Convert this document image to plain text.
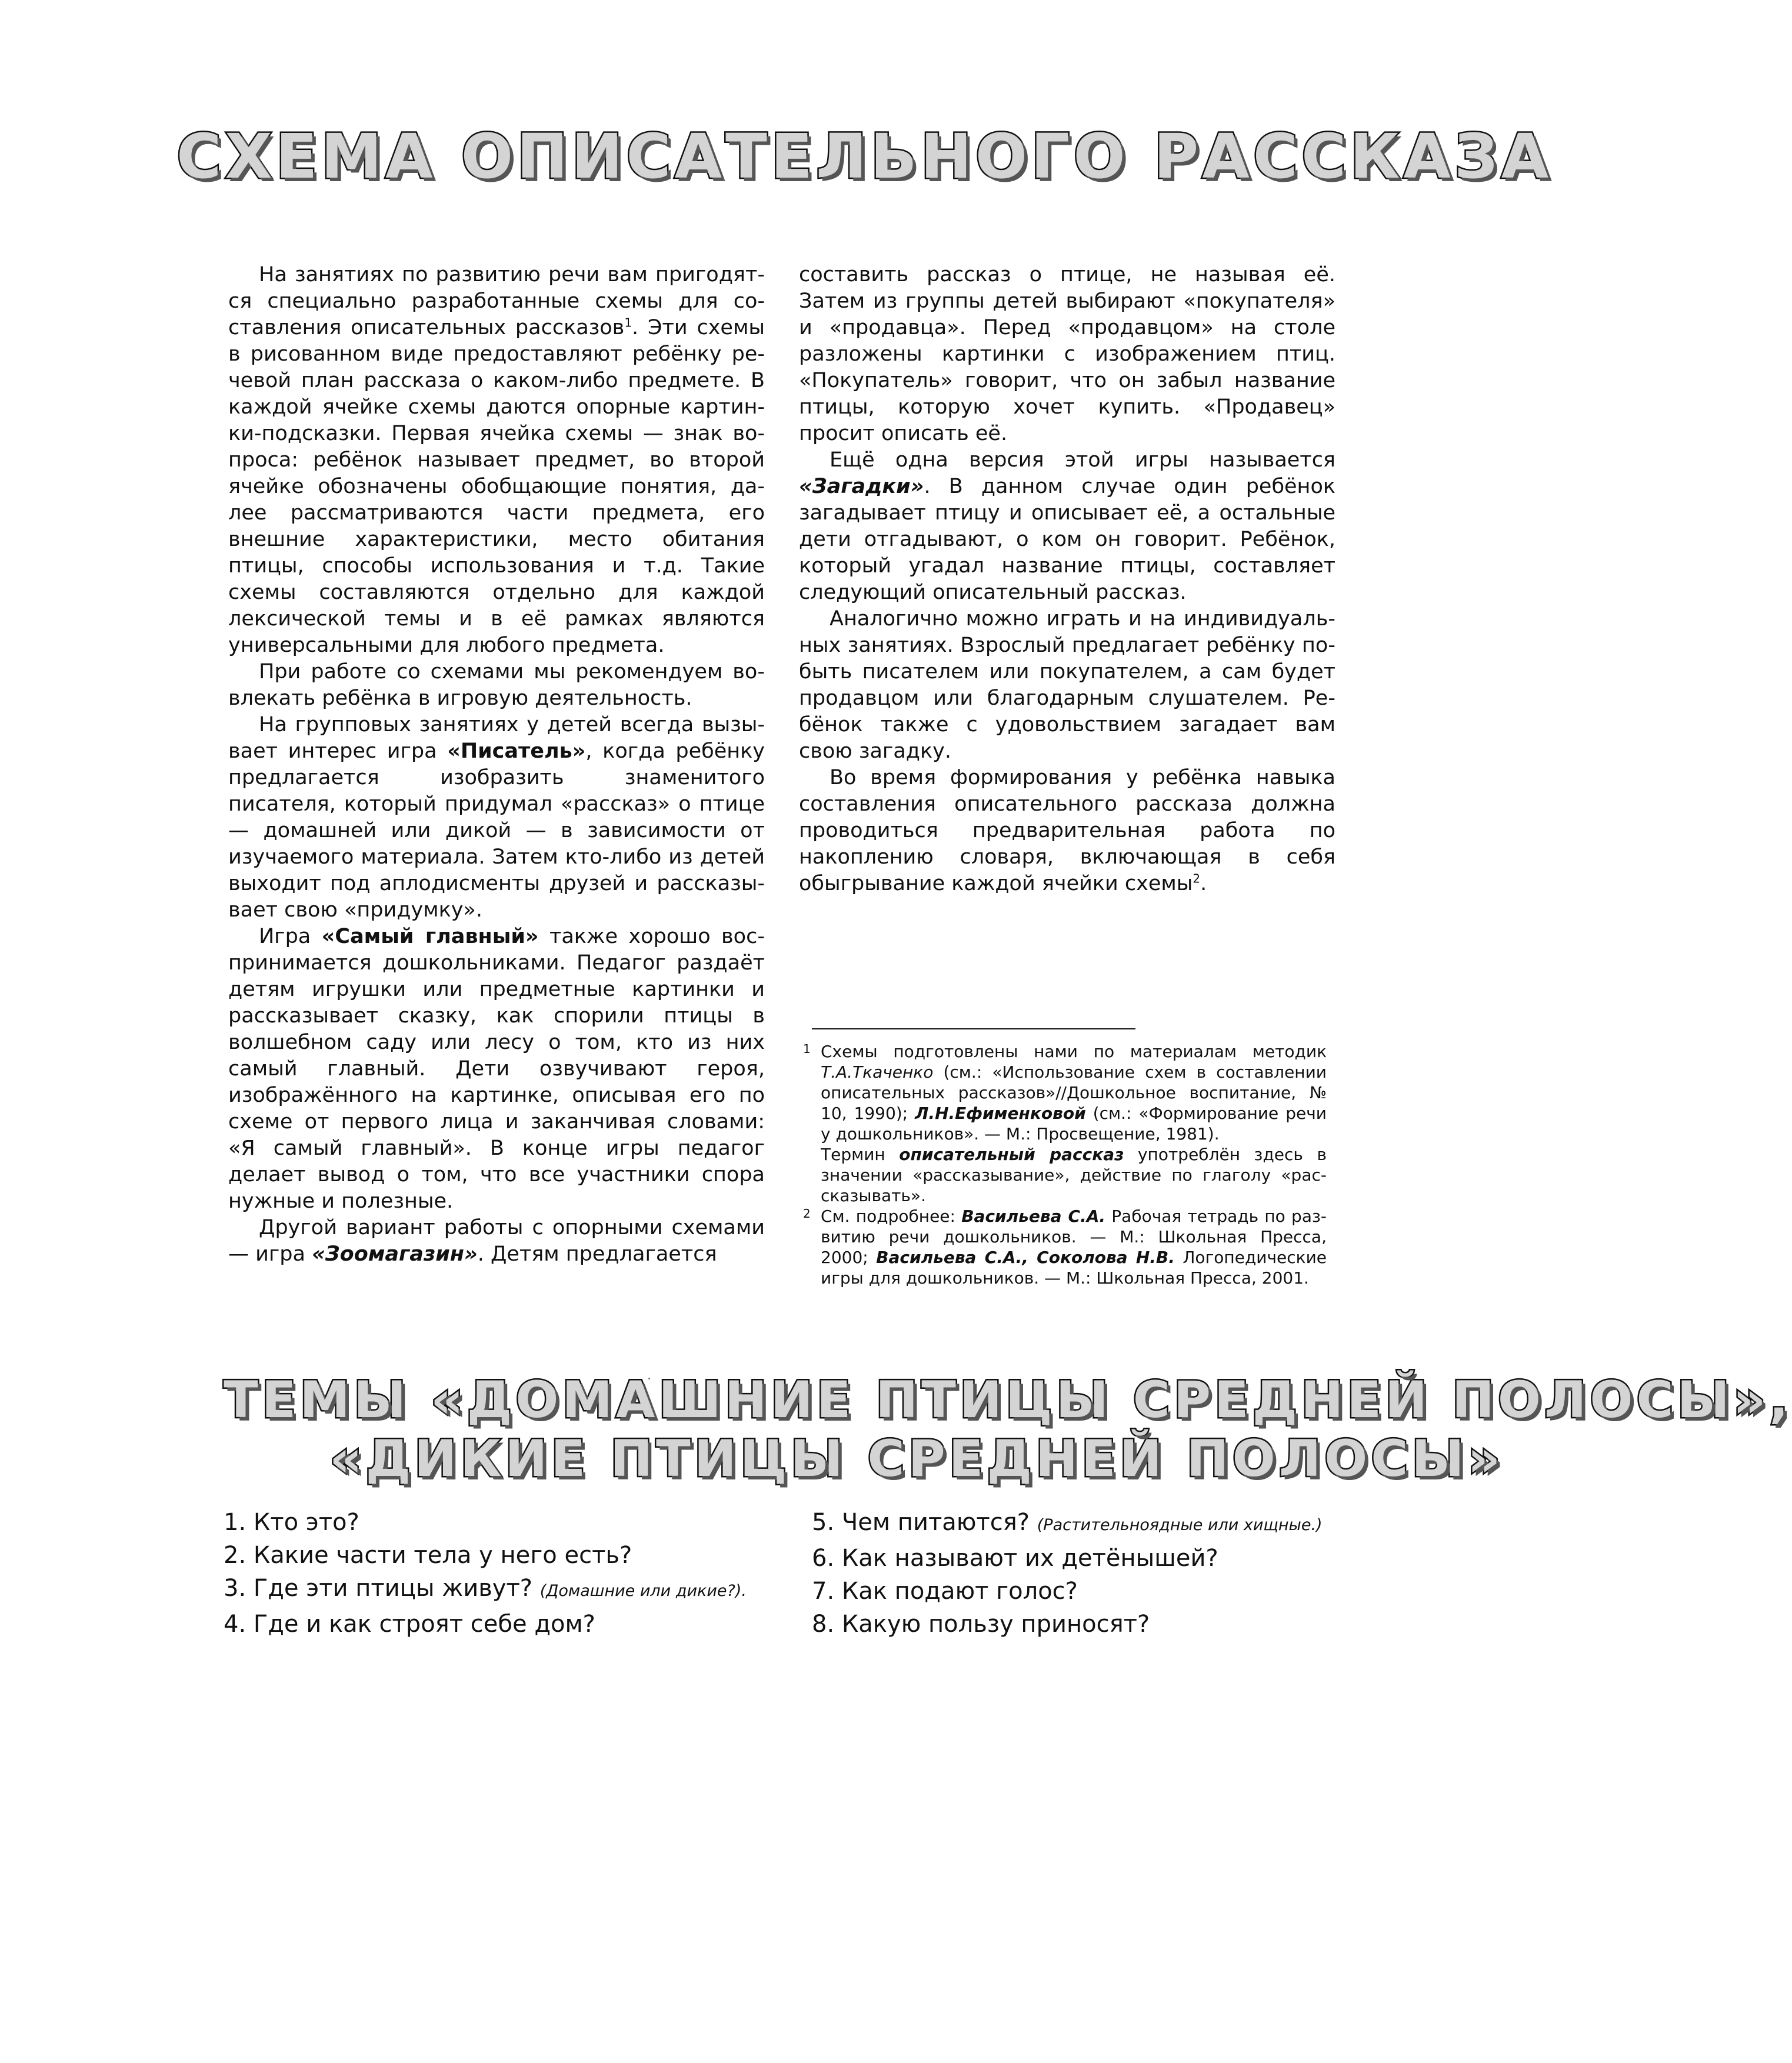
СХЕМА ОПИСАТЕЛЬНОГО РАССКАЗА

На занятиях по развитию речи вам пригодятся специально разработанные схемы для составления описательных рассказов$^1$. Эти схемы в рисованном виде предоставляют ребёнку речевой план рассказа о каком-либо предмете. В каждой ячейке схемы даются опорные картинки-подсказки. Первая ячейка схемы — знак вопроса: ребёнок называет предмет, во второй ячейке обозначены обобщающие понятия, далее рассматриваются части предмета, его внешние характеристики, место обитания птицы, способы использования и т.д. Такие схемы составляются отдельно для каждой лексической темы и в её рамках являются универсальными для любого предмета.

При работе со схемами мы рекомендуем вовлекать ребёнка в игровую деятельность.

На групповых занятиях у детей всегда вызывает интерес игра «Писатель», когда ребёнку предлагается изобразить знаменитого писателя, который придумал «рассказ» о птице — домашней или дикой — в зависимости от изучаемого материала. Затем кто-либо из детей выходит под аплодисменты друзей и рассказывает свою «придумку».

Игра «Самый главный» также хорошо воспринимается дошкольниками. Педагог раздаёт детям игрушки или предметные картинки и рассказывает сказку, как спорили птицы в волшебном саду или лесу о том, кто из них самый главный. Дети озвучивают героя, изображённого на картинке, описывая его по схеме от первого лица и заканчивая словами: «Я самый главный». В конце игры педагог делает вывод о том, что все участники спора нужные и полезные.

Другой вариант работы с опорными схемами — игра «Зоомагазин». Детям предлагается

составить рассказ о птице, не называя её. Затем из группы детей выбирают «покупателя» и «продавца». Перед «продавцом» на столе разложены картинки с изображением птиц. «Покупатель» говорит, что он забыл название птицы, которую хочет купить. «Продавец» просит описать её.

Ещё одна версия этой игры называется «Загадки». В данном случае один ребёнок загадывает птицу и описывает её, а остальные дети отгадывают, о ком он говорит. Ребёнок, который угадал название птицы, составляет следующий описательный рассказ.

Аналогично можно играть и на индивидуальных занятиях. Взрослый предлагает ребёнку побыть писателем или покупателем, а сам будет продавцом или благодарным слушателем. Ребёнок также с удовольствием загадает вам свою загадку.

Во время формирования у ребёнка навыка составления описательного рассказа должна проводиться предварительная работа по накоплению словаря, включающая в себя обыгрывание каждой ячейки схемы$^2$.

1 Схемы подготовлены нами по материалам методик Т.А.Ткаченко (см.: «Использование схем в составлении описательных рассказов»//Дошкольное воспитание, № 10, 1990); Л.Н.Ефименковой (см.: «Формирование речи у дошкольников». — М.: Просвещение, 1981).

Термин описательный рассказ употреблён здесь в значении «рассказывание», действие по глаголу «рассказывать».

2 См. подробнее: Васильева С.А. Рабочая тетрадь по развитию речи дошкольников. — М.: Школьная Пресса, 2000; Васильева С.А., Соколова Н.В. Логопедические игры для дошкольников. — М.: Школьная Пресса, 2001.

ТЕМЫ «ДОМАШНИЕ ПТИЦЫ СРЕДНЕЙ ПОЛОСЫ»,
«ДИКИЕ ПТИЦЫ СРЕДНЕЙ ПОЛОСЫ»

1. Кто это?

2. Какие части тела у него есть?

3. Где эти птицы живут? (Домашние или дикие?).

4. Где и как строят себе дом?

5. Чем питаются? (Растительноядные или хищные.)

6. Как называют их детёнышей?

7. Как подают голос?

8. Какую пользу приносят?
